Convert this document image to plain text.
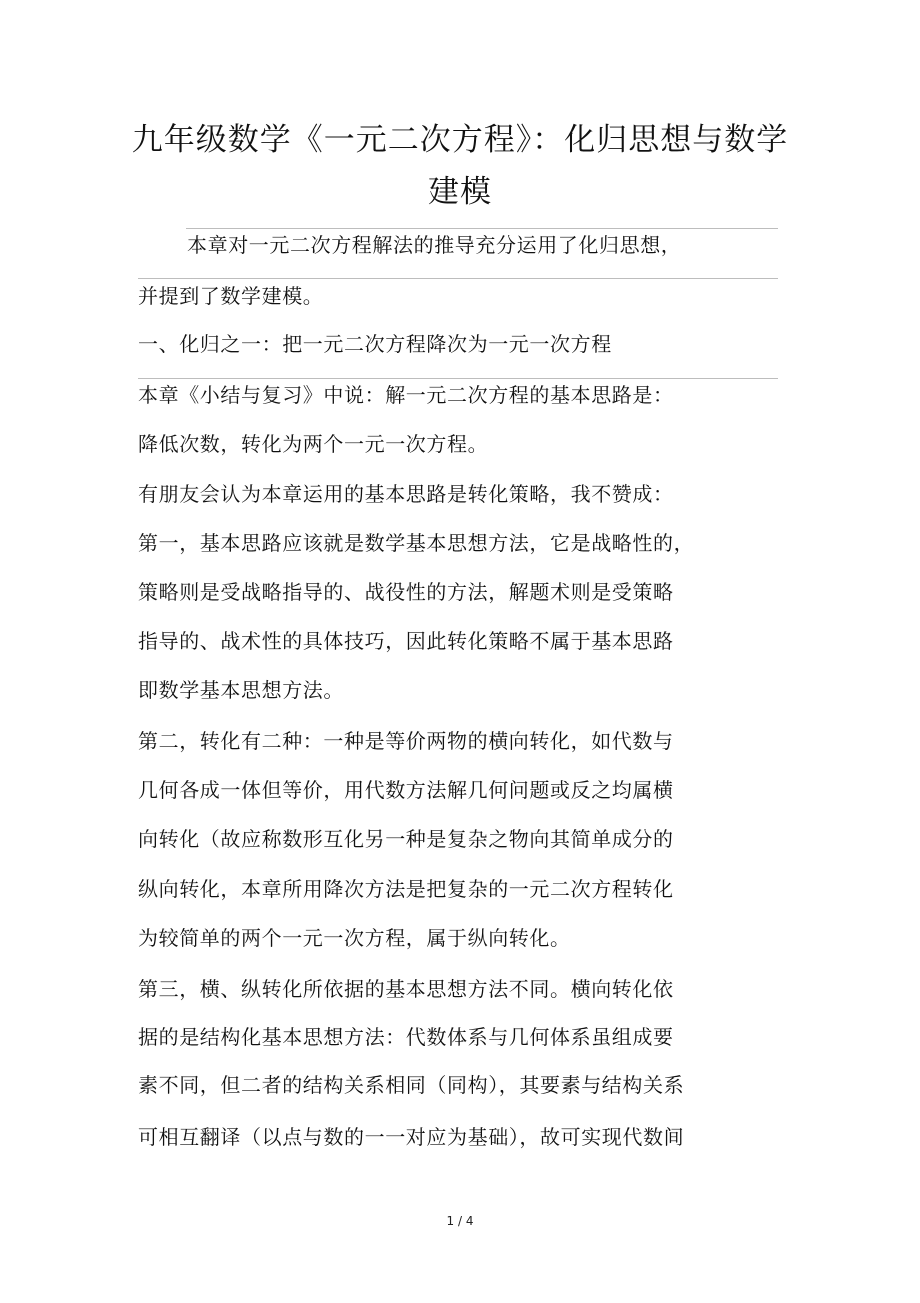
九年级数学《一元二次方程》：化归思想与数学
建模
本章对一元二次方程解法的推导充分运用了化归思想，
并提到了数学建模。
一、化归之一：把一元二次方程降次为一元一次方程
本章《小结与复习》中说：解一元二次方程的基本思路是：
降低次数，转化为两个一元一次方程。
有朋友会认为本章运用的基本思路是转化策略，我不赞成：
第一，基本思路应该就是数学基本思想方法，它是战略性的，
策略则是受战略指导的、战役性的方法，解题术则是受策略
指导的、战术性的具体技巧，因此转化策略不属于基本思路
即数学基本思想方法。
第二，转化有二种：一种是等价两物的横向转化，如代数与
几何各成一体但等价，用代数方法解几何问题或反之均属横
向转化（故应称数形互化另一种是复杂之物向其简单成分的
纵向转化，本章所用降次方法是把复杂的一元二次方程转化
为较简单的两个一元一次方程，属于纵向转化。
第三，横、纵转化所依据的基本思想方法不同。横向转化依
据的是结构化基本思想方法：代数体系与几何体系虽组成要
素不同，但二者的结构关系相同（同构），其要素与结构关系
可相互翻译（以点与数的一一对应为基础），故可实现代数间
1 / 4
